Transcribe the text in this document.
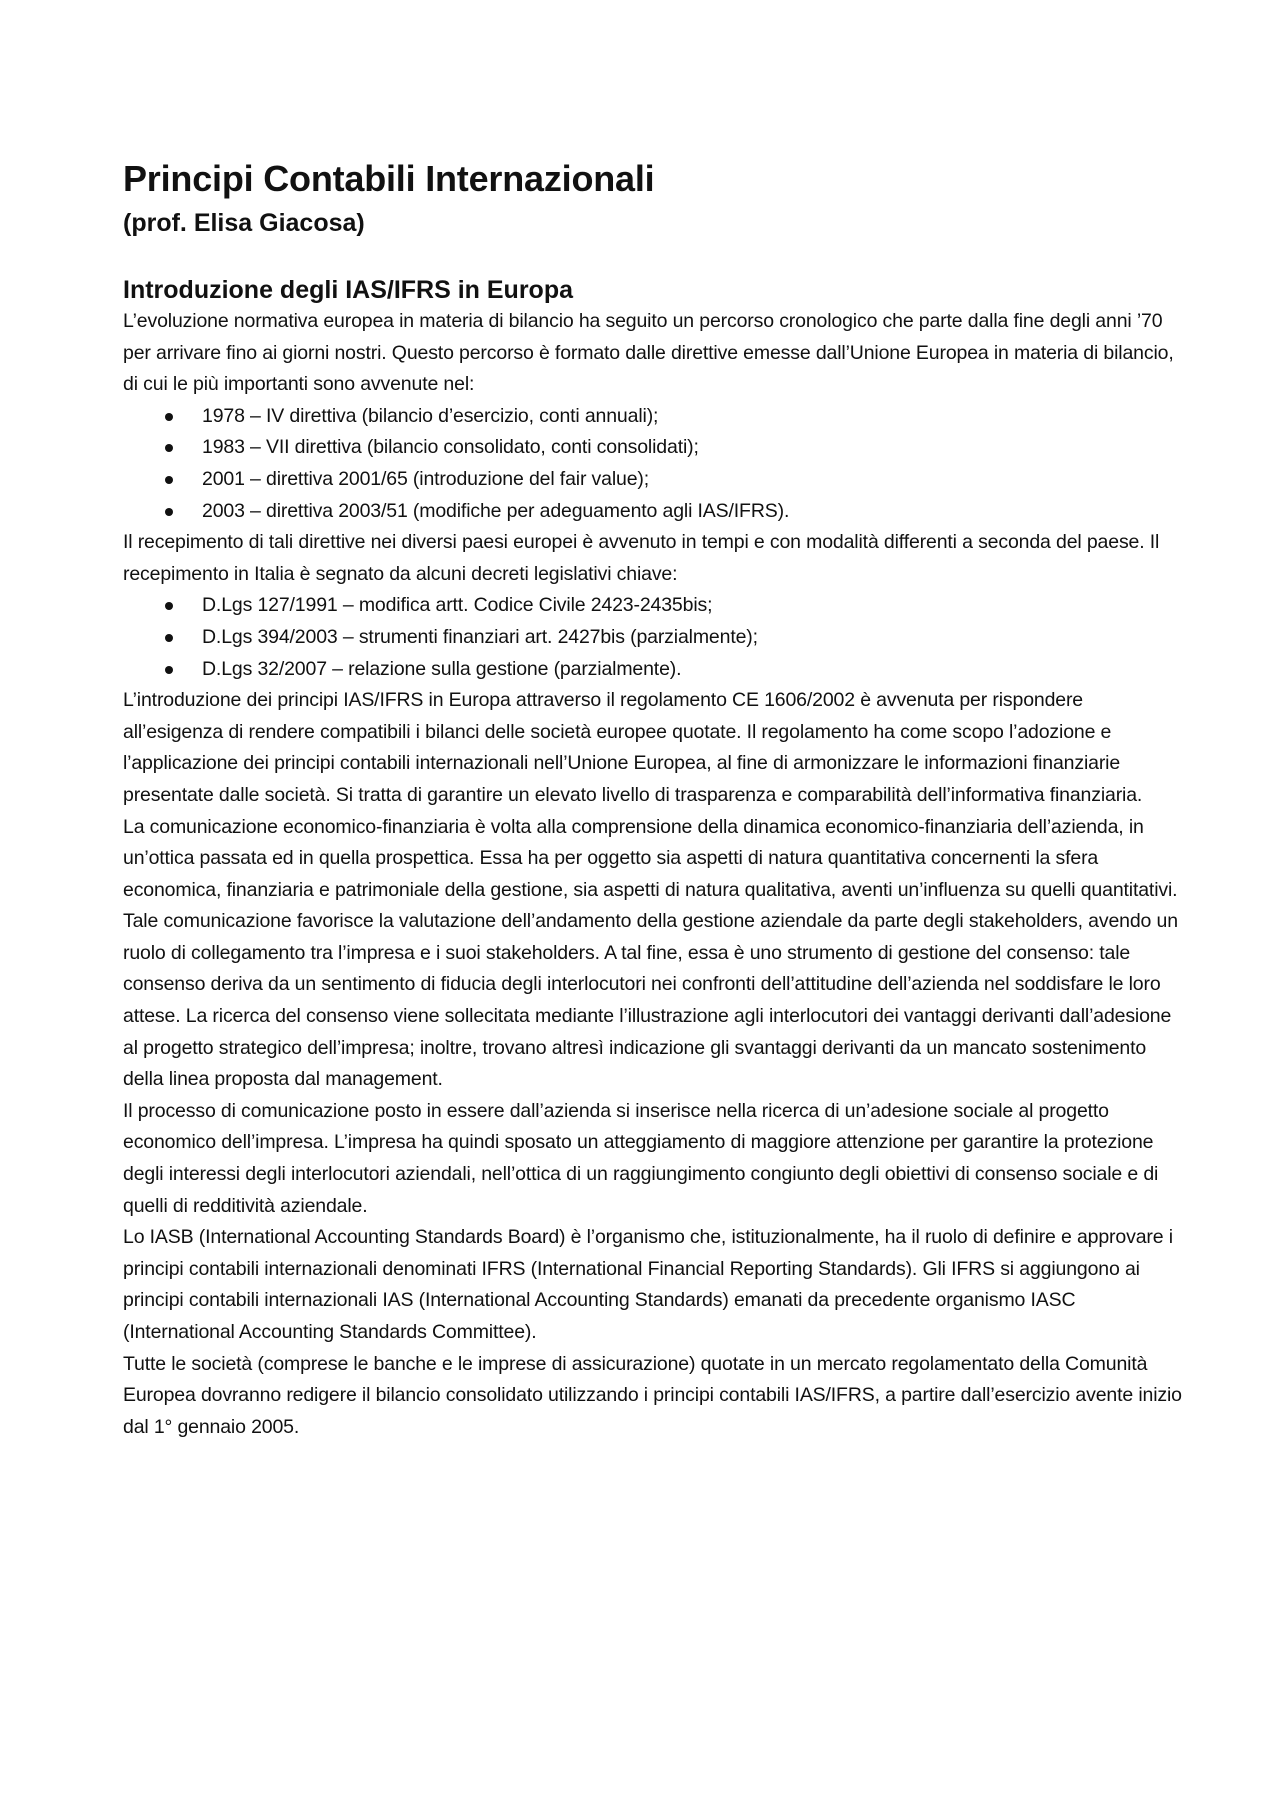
Principi Contabili Internazionali
(prof. Elisa Giacosa)
Introduzione degli IAS/IFRS in Europa

L’evoluzione normativa europea in materia di bilancio ha seguito un percorso cronologico che parte dalla fine degli anni ’70 per arrivare fino ai giorni nostri. Questo percorso è formato dalle direttive emesse dall’Unione Europea in materia di bilancio, di cui le più importanti sono avvenute nel:

1978 – IV direttiva (bilancio d’esercizio, conti annuali);
1983 – VII direttiva (bilancio consolidato, conti consolidati);
2001 – direttiva 2001/65 (introduzione del fair value);
2003 – direttiva 2003/51 (modifiche per adeguamento agli IAS/IFRS).

Il recepimento di tali direttive nei diversi paesi europei è avvenuto in tempi e con modalità differenti a seconda del paese. Il recepimento in Italia è segnato da alcuni decreti legislativi chiave:

D.Lgs 127/1991 – modifica artt. Codice Civile 2423-2435bis;
D.Lgs 394/2003 – strumenti finanziari art. 2427bis (parzialmente);
D.Lgs 32/2007 – relazione sulla gestione (parzialmente).

L’introduzione dei principi IAS/IFRS in Europa attraverso il regolamento CE 1606/2002 è avvenuta per rispondere all’esigenza di rendere compatibili i bilanci delle società europee quotate. Il regolamento ha come scopo l’adozione e l’applicazione dei principi contabili internazionali nell’Unione Europea, al fine di armonizzare le informazioni finanziarie presentate dalle società. Si tratta di garantire un elevato livello di trasparenza e comparabilità dell’informativa finanziaria.

La comunicazione economico-finanziaria è volta alla comprensione della dinamica economico-finanziaria dell’azienda, in un’ottica passata ed in quella prospettica. Essa ha per oggetto sia aspetti di natura quantitativa concernenti la sfera economica, finanziaria e patrimoniale della gestione, sia aspetti di natura qualitativa, aventi un’influenza su quelli quantitativi.

Tale comunicazione favorisce la valutazione dell’andamento della gestione aziendale da parte degli stakeholders, avendo un ruolo di collegamento tra l’impresa e i suoi stakeholders. A tal fine, essa è uno strumento di gestione del consenso: tale consenso deriva da un sentimento di fiducia degli interlocutori nei confronti dell’attitudine dell’azienda nel soddisfare le loro attese. La ricerca del consenso viene sollecitata mediante l’illustrazione agli interlocutori dei vantaggi derivanti dall’adesione al progetto strategico dell’impresa; inoltre, trovano altresì indicazione gli svantaggi derivanti da un mancato sostenimento della linea proposta dal management.

Il processo di comunicazione posto in essere dall’azienda si inserisce nella ricerca di un’adesione sociale al progetto economico dell’impresa. L’impresa ha quindi sposato un atteggiamento di maggiore attenzione per garantire la protezione degli interessi degli interlocutori aziendali, nell’ottica di un raggiungimento congiunto degli obiettivi di consenso sociale e di quelli di redditività aziendale.

Lo IASB (International Accounting Standards Board) è l’organismo che, istituzionalmente, ha il ruolo di definire e approvare i principi contabili internazionali denominati IFRS (International Financial Reporting Standards). Gli IFRS si aggiungono ai principi contabili internazionali IAS (International Accounting Standards) emanati da precedente organismo IASC (International Accounting Standards Committee).

Tutte le società (comprese le banche e le imprese di assicurazione) quotate in un mercato regolamentato della Comunità Europea dovranno redigere il bilancio consolidato utilizzando i principi contabili IAS/IFRS, a partire dall’esercizio avente inizio dal 1° gennaio 2005.
